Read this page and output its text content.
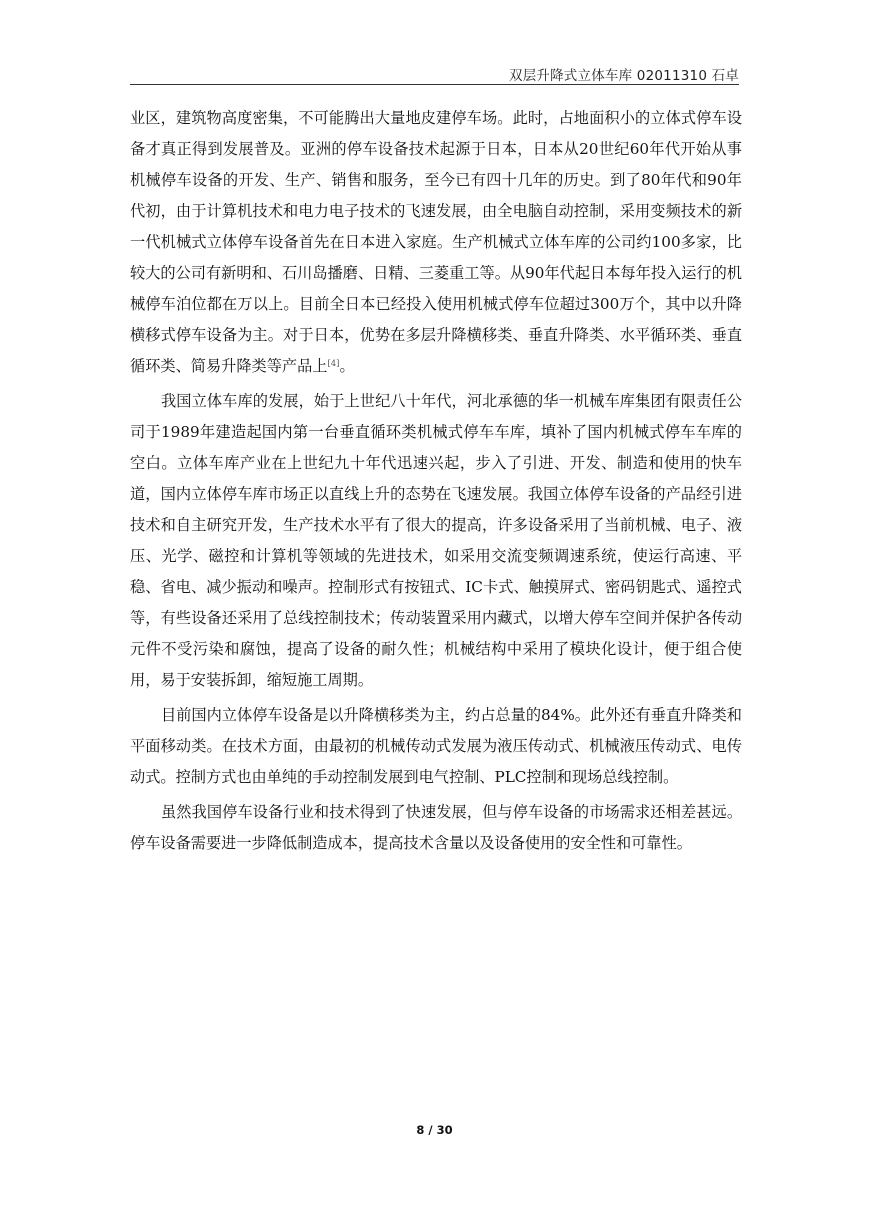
双层升降式立体车库 02011310 石卓

业区，建筑物高度密集，不可能腾出大量地皮建停车场。此时，占地面积小的立体式停车设备才真正得到发展普及。亚洲的停车设备技术起源于日本，日本从20世纪60年代开始从事机械停车设备的开发、生产、销售和服务，至今已有四十几年的历史。到了80年代和90年代初，由于计算机技术和电力电子技术的飞速发展，由全电脑自动控制，采用变频技术的新一代机械式立体停车设备首先在日本进入家庭。生产机械式立体车库的公司约100多家，比较大的公司有新明和、石川岛播磨、日精、三菱重工等。从90年代起日本每年投入运行的机械停车泊位都在万以上。目前全日本已经投入使用机械式停车位超过300万个，其中以升降横移式停车设备为主。对于日本，优势在多层升降横移类、垂直升降类、水平循环类、垂直循环类、简易升降类等产品上[4]。

我国立体车库的发展，始于上世纪八十年代，河北承德的华一机械车库集团有限责任公司于1989年建造起国内第一台垂直循环类机械式停车车库，填补了国内机械式停车车库的空白。立体车库产业在上世纪九十年代迅速兴起，步入了引进、开发、制造和使用的快车道，国内立体停车库市场正以直线上升的态势在飞速发展。我国立体停车设备的产品经引进技术和自主研究开发，生产技术水平有了很大的提高，许多设备采用了当前机械、电子、液压、光学、磁控和计算机等领域的先进技术，如采用交流变频调速系统，使运行高速、平稳、省电、减少振动和噪声。控制形式有按钮式、IC卡式、触摸屏式、密码钥匙式、遥控式等，有些设备还采用了总线控制技术；传动装置采用内藏式，以增大停车空间并保护各传动元件不受污染和腐蚀，提高了设备的耐久性；机械结构中采用了模块化设计，便于组合使用，易于安装拆卸，缩短施工周期。

目前国内立体停车设备是以升降横移类为主，约占总量的84%。此外还有垂直升降类和平面移动类。在技术方面，由最初的机械传动式发展为液压传动式、机械液压传动式、电传动式。控制方式也由单纯的手动控制发展到电气控制、PLC控制和现场总线控制。

虽然我国停车设备行业和技术得到了快速发展，但与停车设备的市场需求还相差甚远。停车设备需要进一步降低制造成本，提高技术含量以及设备使用的安全性和可靠性。

8 / 30
